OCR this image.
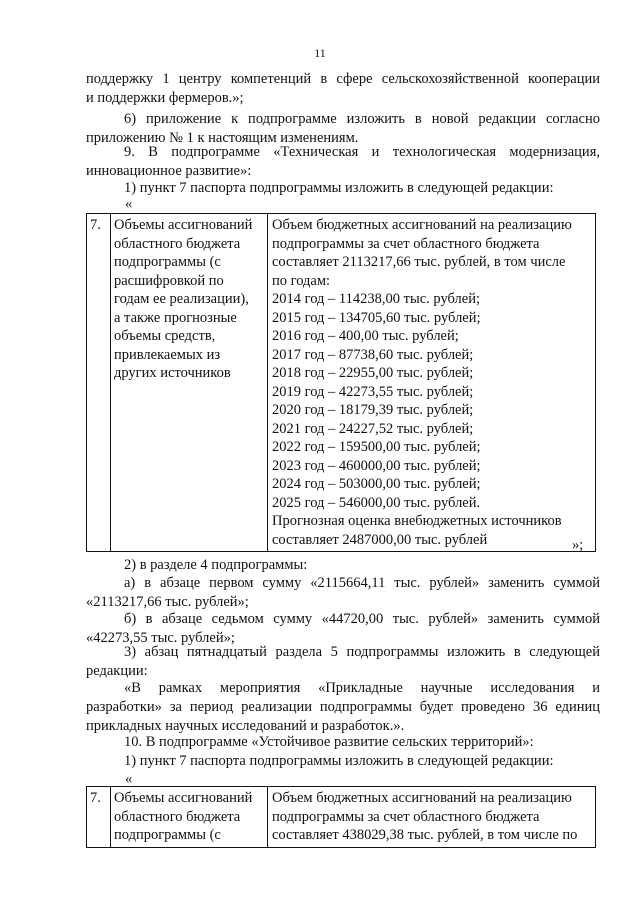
11
поддержку 1 центру компетенций в сфере сельскохозяйственной кооперации
и поддержки фермеров.»;
6) приложение к подпрограмме изложить в новой редакции согласно
приложению № 1 к настоящим изменениям.
9. В подпрограмме «Техническая и технологическая модернизация,
инновационное развитие»:
1) пункт 7 паспорта подпрограммы изложить в следующей редакции:
«
7.	Объемы ассигнований
областного бюджета
подпрограммы (с
расшифровкой по
годам ее реализации),
а также прогнозные
объемы средств,
привлекаемых из
других источников

Объем бюджетных ассигнований на реализацию
подпрограммы за счет областного бюджета
составляет 2113217,66 тыс. рублей, в том числе
по годам:
2014 год – 114238,00 тыс. рублей;
2015 год – 134705,60 тыс. рублей;
2016 год – 400,00 тыс. рублей;
2017 год – 87738,60 тыс. рублей;
2018 год – 22955,00 тыс. рублей;
2019 год – 42273,55 тыс. рублей;
2020 год – 18179,39 тыс. рублей;
2021 год – 24227,52 тыс. рублей;
2022 год – 159500,00 тыс. рублей;
2023 год – 460000,00 тыс. рублей;
2024 год – 503000,00 тыс. рублей;
2025 год – 546000,00 тыс. рублей.
Прогнозная оценка внебюджетных источников
составляет 2487000,00 тыс. рублей	»;
2) в разделе 4 подпрограммы:
а) в абзаце первом сумму «2115664,11 тыс. рублей» заменить суммой
«2113217,66 тыс. рублей»;
б) в абзаце седьмом сумму «44720,00 тыс. рублей» заменить суммой
«42273,55 тыс. рублей»;
3) абзац пятнадцатый раздела 5 подпрограммы изложить в следующей
редакции:
«В рамках мероприятия «Прикладные научные исследования и
разработки» за период реализации подпрограммы будет проведено 36 единиц
прикладных научных исследований и разработок.».
10. В подпрограмме «Устойчивое развитие сельских территорий»:
1) пункт 7 паспорта подпрограммы изложить в следующей редакции:
«
7.	Объемы ассигнований
областного бюджета
подпрограммы (с

Объем бюджетных ассигнований на реализацию
подпрограммы за счет областного бюджета
составляет 438029,38 тыс. рублей, в том числе по
